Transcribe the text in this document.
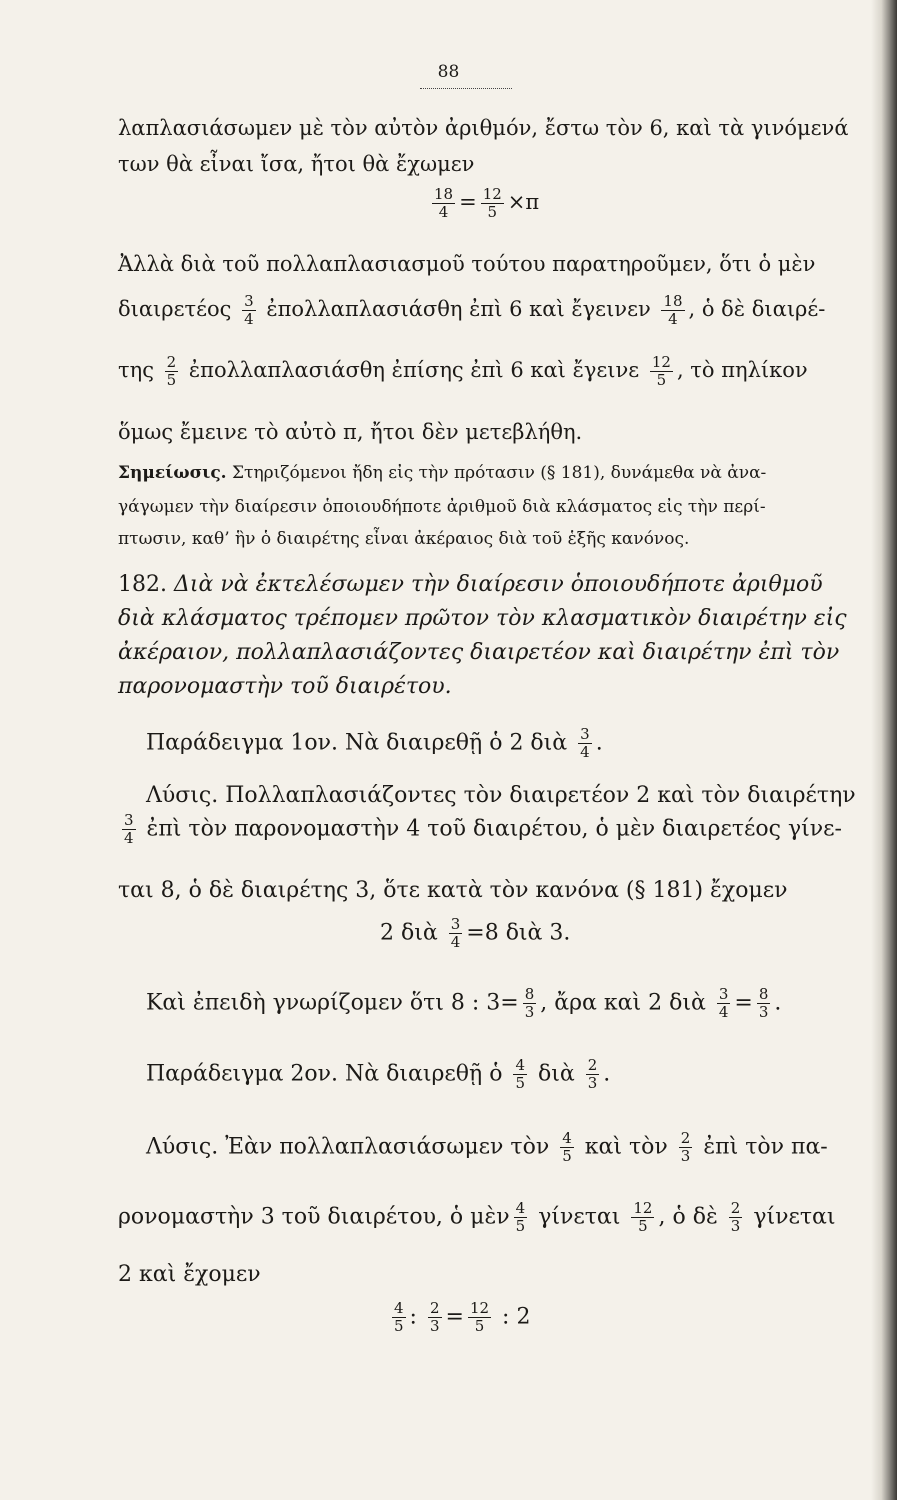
88
λαπλασιάσωμεν μὲ τὸν αὐτὸν ἀριθμόν, ἔστω τὸν 6, καὶ τὰ γινόμενά
των θὰ εἶναι ἴσα, ἤτοι θὰ ἔχωμεν
$\frac{18}{4} = \frac{12}{5} \times\pi$
Ἀλλὰ διὰ τοῦ πολλαπλασιασμοῦ τούτου παρατηροῦμεν, ὅτι ὁ μὲν
διαιρετέος $\frac{3}{4}$ ἐπολλαπλασιάσθη ἐπὶ 6 καὶ ἔγεινεν $\frac{18}{4}$ , ὁ δὲ διαιρέ-
της $\frac{2}{5}$ ἐπολλαπλασιάσθη ἐπίσης ἐπὶ 6 καὶ ἔγεινε $\frac{12}{5}$ , τὸ πηλίκον
ὅμως ἔμεινε τὸ αὐτὸ π, ἤτοι δὲν μετεβλήθη.
Σημείωσις. Στηριζόμενοι ἤδη εἰς τὴν πρότασιν (§ 181), δυνάμεθα νὰ ἀνα-
γάγωμεν τὴν διαίρεσιν ὁποιουδήποτε ἀριθμοῦ διὰ κλάσματος εἰς τὴν περί-
πτωσιν, καθ’ ἣν ὁ διαιρέτης εἶναι ἀκέραιος διὰ τοῦ ἑξῆς κανόνος.
182. Διὰ νὰ ἐκτελέσωμεν τὴν διαίρεσιν ὁποιουδήποτε ἀριθμοῦ
διὰ κλάσματος τρέπομεν πρῶτον τὸν κλασματικὸν διαιρέτην εἰς
ἀκέραιον, πολλαπλασιάζοντες διαιρετέον καὶ διαιρέτην ἐπὶ τὸν
παρονομαστὴν τοῦ διαιρέτου.
Παράδειγμα 1ον. Νὰ διαιρεθῇ ὁ 2 διὰ $\frac{3}{4}$ .
Λύσις. Πολλαπλασιάζοντες τὸν διαιρετέον 2 καὶ τὸν διαιρέτην
$\frac{3}{4}$ ἐπὶ τὸν παρονομαστὴν 4 τοῦ διαιρέτου, ὁ μὲν διαιρετέος γίνε-
ται 8, ὁ δὲ διαιρέτης 3, ὅτε κατὰ τὸν κανόνα (§ 181) ἔχομεν
2 διὰ $\frac{3}{4} =8$ διὰ 3.
Καὶ ἐπειδὴ γνωρίζομεν ὅτι 8 : $3= \frac{8}{3}$ , ἄρα καὶ 2 διὰ $\frac{3}{4} = \frac{8}{3}$ .
Παράδειγμα 2ον. Νὰ διαιρεθῇ ὁ $\frac{4}{5}$ διὰ $\frac{2}{3}$ .
Λύσις. Ἐὰν πολλαπλασιάσωμεν τὸν $\frac{4}{5}$ καὶ τὸν $\frac{2}{3}$ ἐπὶ τὸν πα-
ρονομαστὴν 3 τοῦ διαιρέτου, ὁ μὲν $\frac{4}{5}$ γίνεται $\frac{12}{5}$ , ὁ δὲ $\frac{2}{3}$ γίνεται
2 καὶ ἔχομεν
$\frac{4}{5}$ : $\frac{2}{3} = \frac{12}{5}$ : 2
